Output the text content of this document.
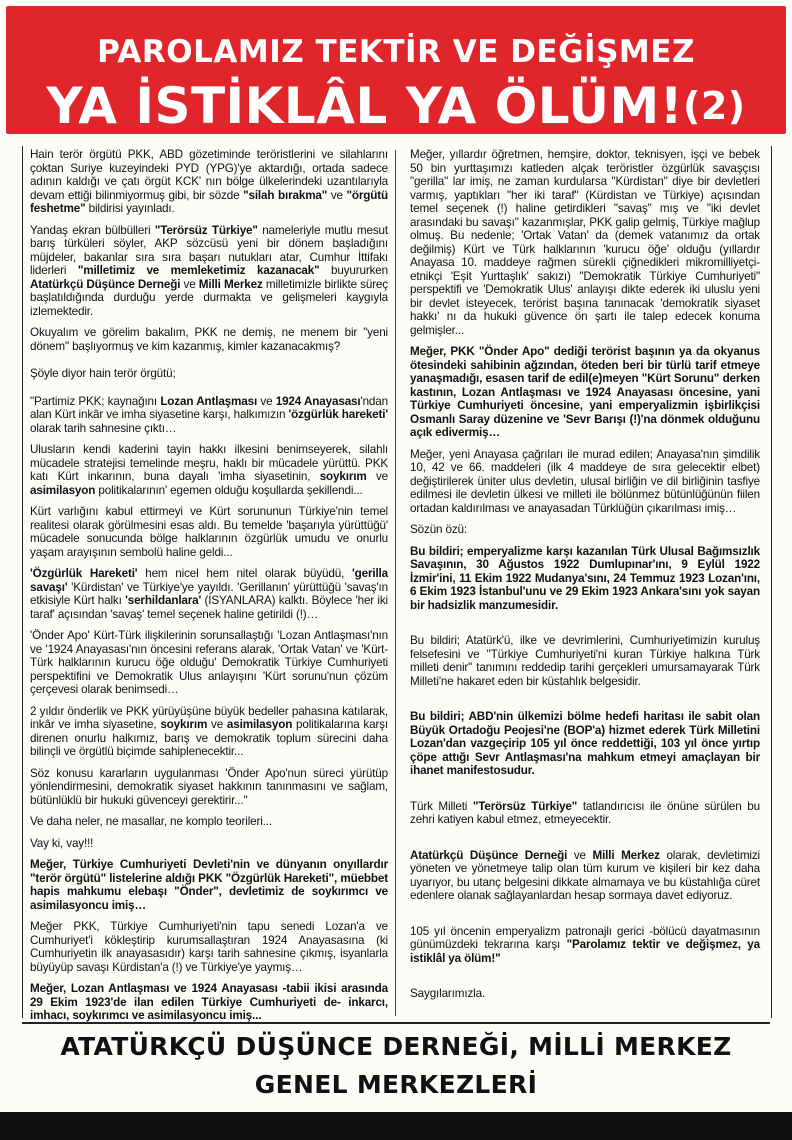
PAROLAMIZ TEKTİR VE DEĞİŞMEZ
YA İSTİKLÂL YA ÖLÜM!(2)

Hain terör örgütü PKK, ABD gözetiminde teröristlerini ve silahlarını çoktan Suriye kuzeyindeki PYD (YPG)'ye aktardığı, ortada sadece adının kaldığı ve çatı örgüt KCK' nın bölge ülkelerindeki uzantılarıyla devam ettiği bilinmiyormuş gibi, bir sözde "silah bırakma" ve "örgütü feshetme" bildirisi yayınladı.

Yandaş ekran bülbülleri "Terörsüz Türkiye" nameleriyle mutlu mesut barış türküleri söyler, AKP sözcüsü yeni bir dönem başladığını müjdeler, bakanlar sıra sıra başarı nutukları atar, Cumhur İttifakı liderleri "milletimiz ve memleketimiz kazanacak" buyururken Atatürkçü Düşünce Derneği ve Milli Merkez milletimizle birlikte süreç başlatıldığında durduğu yerde durmakta ve gelişmeleri kaygıyla izlemektedir.

Okuyalım ve görelim bakalım, PKK ne demiş, ne menem bir "yeni dönem" başlıyormuş ve kim kazanmış, kimler kazanacakmış?

Şöyle diyor hain terör örgütü;

"Partimiz PKK; kaynağını Lozan Antlaşması ve 1924 Anayasası'ndan alan Kürt inkâr ve imha siyasetine karşı, halkımızın 'özgürlük hareketi' olarak tarih sahnesine çıktı…

Ulusların kendi kaderini tayin hakkı ilkesini benimseyerek, silahlı mücadele stratejisi temelinde meşru, haklı bir mücadele yürüttü. PKK katı Kürt inkarının, buna dayalı 'imha siyasetinin, soykırım ve asimilasyon politikalarının' egemen olduğu koşullarda şekillendi...

Kürt varlığını kabul ettirmeyi ve Kürt sorununun Türkiye'nin temel realitesi olarak görülmesini esas aldı. Bu temelde 'başarıyla yürüttüğü' mücadele sonucunda bölge halklarının özgürlük umudu ve onurlu yaşam arayışının sembolü haline geldi...

'Özgürlük Hareketi' hem nicel hem nitel olarak büyüdü, 'gerilla savaşı' 'Kürdistan' ve Türkiye'ye yayıldı. 'Gerillanın' yürüttüğü 'savaş'ın etkisiyle Kürt halkı 'serhildanlara' (İSYANLARA) kalktı. Böylece 'her iki taraf' açısından 'savaş' temel seçenek haline getirildi (!)…

'Önder Apo' Kürt-Türk ilişkilerinin sorunsallaştığı 'Lozan Antlaşması'nın ve '1924 Anayasası'nın öncesini referans alarak, 'Ortak Vatan' ve 'Kürt-Türk halklarının kurucu öğe olduğu' Demokratik Türkiye Cumhuriyeti perspektifini ve Demokratik Ulus anlayışını 'Kürt sorunu'nun çözüm çerçevesi olarak benimsedi…

2 yıldır önderlik ve PKK yürüyüşüne büyük bedeller pahasına katılarak, inkâr ve imha siyasetine, soykırım ve asimilasyon politikalarına karşı direnen onurlu halkımız, barış ve demokratik toplum sürecini daha bilinçli ve örgütlü biçimde sahiplenecektir...

Söz konusu kararların uygulanması 'Önder Apo'nun süreci yürütüp yönlendirmesini, demokratik siyaset hakkının tanınmasını ve sağlam, bütünlüklü bir hukuki güvenceyi gerektirir..."

Ve daha neler, ne masallar, ne komplo teorileri...

Vay ki, vay!!!

Meğer, Türkiye Cumhuriyeti Devleti'nin ve dünyanın onyıllardır "terör örgütü" listelerine aldığı PKK "Özgürlük Hareketi", müebbet hapis mahkumu elebaşı "Önder", devletimiz de soykırımcı ve asimilasyoncu imiş…

Meğer PKK, Türkiye Cumhuriyeti'nin tapu senedi Lozan'a ve Cumhuriyet'i kökleştirip kurumsallaştıran 1924 Anayasasına (ki Cumhuriyetin ilk anayasasıdır) karşı tarih sahnesine çıkmış, isyanlarla büyüyüp savaşı Kürdistan'a (!) ve Türkiye'ye yaymış…

Meğer, Lozan Antlaşması ve 1924 Anayasası -tabii ikisi arasında 29 Ekim 1923'de ilan edilen Türkiye Cumhuriyeti de- inkarcı, imhacı, soykırımcı ve asimilasyoncu imiş...

Meğer, yıllardır öğretmen, hemşire, doktor, teknisyen, işçi ve bebek 50 bin yurttaşımızı katleden alçak teröristler özgürlük savaşçısı "gerilla" lar imiş, ne zaman kurdularsa "Kürdistan" diye bir devletleri varmış, yaptıkları "her iki taraf" (Kürdistan ve Türkiye) açısından temel seçenek (!) haline getirdikleri "savaş" mış ve "iki devlet arasındaki bu savaşı" kazanmışlar, PKK galip gelmiş, Türkiye mağlup olmuş. Bu nedenle; 'Ortak Vatan' da (demek vatanımız da ortak değilmiş) Kürt ve Türk halklarının 'kurucu öğe' olduğu (yıllardır Anayasa 10. maddeye rağmen sürekli çiğnedikleri mikromilliyetçi-etnikçi 'Eşit Yurttaşlık' sakızı) "Demokratik Türkiye Cumhuriyeti" perspektifi ve 'Demokratik Ulus' anlayışı dikte ederek iki uluslu yeni bir devlet isteyecek, terörist başına tanınacak 'demokratik siyaset hakkı' nı da hukuki güvence ön şartı ile talep edecek konuma gelmişler...

Meğer, PKK "Önder Apo" dediği terörist başının ya da okyanus ötesindeki sahibinin ağzından, öteden beri bir türlü tarif etmeye yanaşmadığı, esasen tarif de edil(e)meyen "Kürt Sorunu" derken kastının, Lozan Antlaşması ve 1924 Anayasası öncesine, yani Türkiye Cumhuriyeti öncesine, yani emperyalizmin işbirlikçisi Osmanlı Saray düzenine ve 'Sevr Barışı (!)'na dönmek olduğunu açık edivermiş…

Meğer, yeni Anayasa çağrıları ile murad edilen; Anayasa'nın şimdilik 10, 42 ve 66. maddeleri (ilk 4 maddeye de sıra gelecektir elbet) değiştirilerek üniter ulus devletin, ulusal birliğin ve dil birliğinin tasfiye edilmesi ile devletin ülkesi ve milleti ile bölünmez bütünlüğünün fiilen ortadan kaldırılması ve anayasadan Türklüğün çıkarılması imiş…

Sözün özü:

Bu bildiri; emperyalizme karşı kazanılan Türk Ulusal Bağımsızlık Savaşının, 30 Ağustos 1922 Dumlupınar'ını, 9 Eylül 1922 İzmir'ini, 11 Ekim 1922 Mudanya'sını, 24 Temmuz 1923 Lozan'ını, 6 Ekim 1923 İstanbul'unu ve 29 Ekim 1923 Ankara'sını yok sayan bir hadsizlik manzumesidir.

Bu bildiri; Atatürk'ü, ilke ve devrimlerini, Cumhuriyetimizin kuruluş felsefesini ve "Türkiye Cumhuriyeti'ni kuran Türkiye halkına Türk milleti denir" tanımını reddedip tarihi gerçekleri umursamayarak Türk Milleti'ne hakaret eden bir küstahlık belgesidir.

Bu bildiri; ABD'nin ülkemizi bölme hedefi haritası ile sabit olan Büyük Ortadoğu Peojesi'ne (BOP'a) hizmet ederek Türk Milletini Lozan'dan vazgeçirip 105 yıl önce reddettiği, 103 yıl önce yırtıp çöpe attığı Sevr Antlaşması'na mahkum etmeyi amaçlayan bir ihanet manifestosudur.

Türk Milleti "Terörsüz Türkiye" tatlandırıcısı ile önüne sürülen bu zehri katiyen kabul etmez, etmeyecektir.

Atatürkçü Düşünce Derneği ve Milli Merkez olarak, devletimizi yöneten ve yönetmeye talip olan tüm kurum ve kişileri bir kez daha uyarıyor, bu utanç belgesini dikkate almamaya ve bu küstahlığa cüret edenlere olanak sağlayanlardan hesap sormaya davet ediyoruz.

105 yıl öncenin emperyalizm patronajlı gerici -bölücü dayatmasının günümüzdeki tekrarına karşı "Parolamız tektir ve değişmez, ya istiklâl ya ölüm!"

Saygılarımızla.

ATATÜRKÇÜ DÜŞÜNCE DERNEĞİ, MİLLİ MERKEZ
GENEL MERKEZLERİ
